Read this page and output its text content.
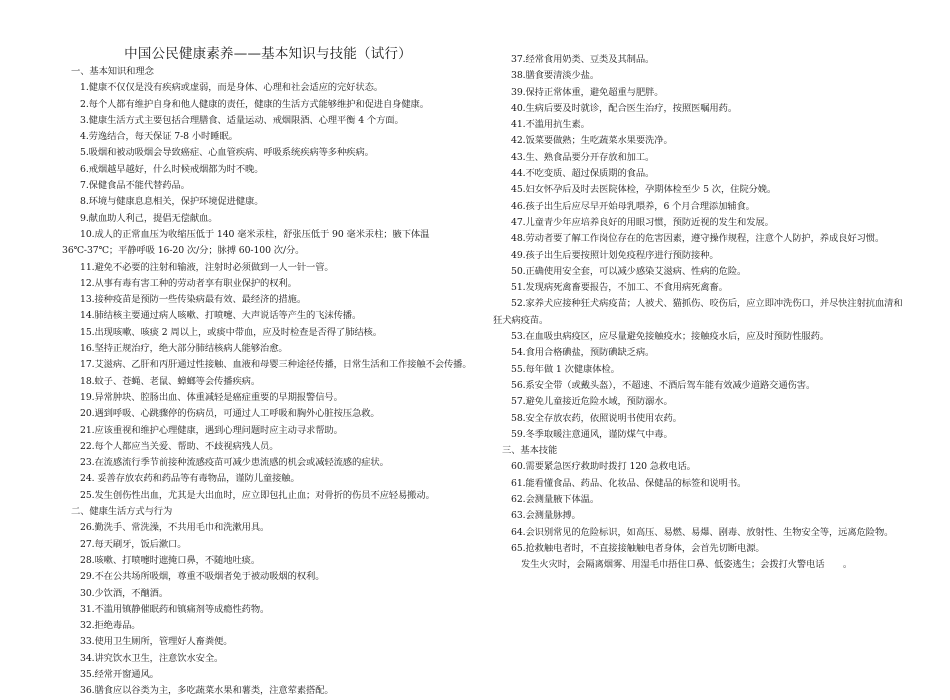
中国公民健康素养——基本知识与技能（试行）
一、基本知识和理念
1.健康不仅仅是没有疾病或虚弱，而是身体、心理和社会适应的完好状态。
2.每个人都有维护自身和他人健康的责任，健康的生活方式能够维护和促进自身健康。
3.健康生活方式主要包括合理膳食、适量运动、戒烟限酒、心理平衡 4 个方面。
4.劳逸结合，每天保证 7-8 小时睡眠。
5.吸烟和被动吸烟会导致癌症、心血管疾病、呼吸系统疾病等多种疾病。
6.戒烟越早越好，什么时候戒烟都为时不晚。
7.保健食品不能代替药品。
8.环境与健康息息相关，保护环境促进健康。
9.献血助人利己，提倡无偿献血。
10.成人的正常血压为收缩压低于 140 毫米汞柱，舒张压低于 90 毫米汞柱；腋下体温 36℃-37℃；平静呼吸 16-20 次/分；脉搏 60-100 次/分。
11.避免不必要的注射和输液，注射时必须做到一人一针一管。
12.从事有毒有害工种的劳动者享有职业保护的权利。
13.接种疫苗是预防一些传染病最有效、最经济的措施。
14.肺结核主要通过病人咳嗽、打喷嚏、大声说话等产生的飞沫传播。
15.出现咳嗽、咳痰 2 周以上，或痰中带血，应及时检查是否得了肺结核。
16.坚持正规治疗，绝大部分肺结核病人能够治愈。
17.艾滋病、乙肝和丙肝通过性接触、血液和母婴三种途径传播，日常生活和工作接触不会传播。
18.蚊子、苍蝇、老鼠、蟑螂等会传播疾病。
19.异常肿块、腔肠出血、体重减轻是癌症重要的早期报警信号。
20.遇到呼吸、心跳骤停的伤病员，可通过人工呼吸和胸外心脏按压急救。
21.应该重视和维护心理健康，遇到心理问题时应主动寻求帮助。
22.每个人都应当关爱、帮助、不歧视病残人员。
23.在流感流行季节前接种流感疫苗可减少患流感的机会或减轻流感的症状。
24. 妥善存放农药和药品等有毒物品，谨防儿童接触。
25.发生创伤性出血，尤其是大出血时，应立即包扎止血；对骨折的伤员不应轻易搬动。
二、健康生活方式与行为
26.勤洗手、常洗澡，不共用毛巾和洗漱用具。
27.每天刷牙，饭后漱口。
28.咳嗽、打喷嚏时遮掩口鼻，不随地吐痰。
29.不在公共场所吸烟，尊重不吸烟者免于被动吸烟的权利。
30.少饮酒，不酗酒。
31.不滥用镇静催眠药和镇痛剂等成瘾性药物。
32.拒绝毒品。
33.使用卫生厕所，管理好人畜粪便。
34.讲究饮水卫生，注意饮水安全。
35.经常开窗通风。
36.膳食应以谷类为主，多吃蔬菜水果和薯类，注意荤素搭配。
37.经常食用奶类、豆类及其制品。
38.膳食要清淡少盐。
39.保持正常体重，避免超重与肥胖。
40.生病后要及时就诊，配合医生治疗，按照医嘱用药。
41.不滥用抗生素。
42.饭菜要做熟；生吃蔬菜水果要洗净。
43.生、熟食品要分开存放和加工。
44.不吃变质、超过保质期的食品。
45.妇女怀孕后及时去医院体检，孕期体检至少 5 次，住院分娩。
46.孩子出生后应尽早开始母乳喂养，6 个月合理添加辅食。
47.儿童青少年应培养良好的用眼习惯，预防近视的发生和发展。
48.劳动者要了解工作岗位存在的危害因素，遵守操作规程，注意个人防护，养成良好习惯。
49.孩子出生后要按照计划免疫程序进行预防接种。
50.正确使用安全套，可以减少感染艾滋病、性病的危险。
51.发现病死禽畜要报告，不加工、不食用病死禽畜。
52.家养犬应接种狂犬病疫苗；人被犬、猫抓伤、咬伤后，应立即冲洗伤口，并尽快注射抗血清和狂犬病疫苗。
53.在血吸虫病疫区，应尽量避免接触疫水；接触疫水后，应及时预防性服药。
54.食用合格碘盐，预防碘缺乏病。
55.每年做 1 次健康体检。
56.系安全带（或戴头盔），不超速、不酒后驾车能有效减少道路交通伤害。
57.避免儿童接近危险水域，预防溺水。
58.安全存放农药，依照说明书使用农药。
59.冬季取暖注意通风，谨防煤气中毒。
三、基本技能
60.需要紧急医疗救助时拨打 120 急救电话。
61.能看懂食品、药品、化妆品、保健品的标签和说明书。
62.会测量腋下体温。
63.会测量脉搏。
64.会识别常见的危险标识，如高压、易燃、易爆、剧毒、放射性、生物安全等，远离危险物。
65.抢救触电者时，不直接接触触电者身体，会首先切断电源。
发生火灾时，会隔离烟雾、用湿毛巾捂住口鼻、低姿逃生；会拨打火警电话　　。
